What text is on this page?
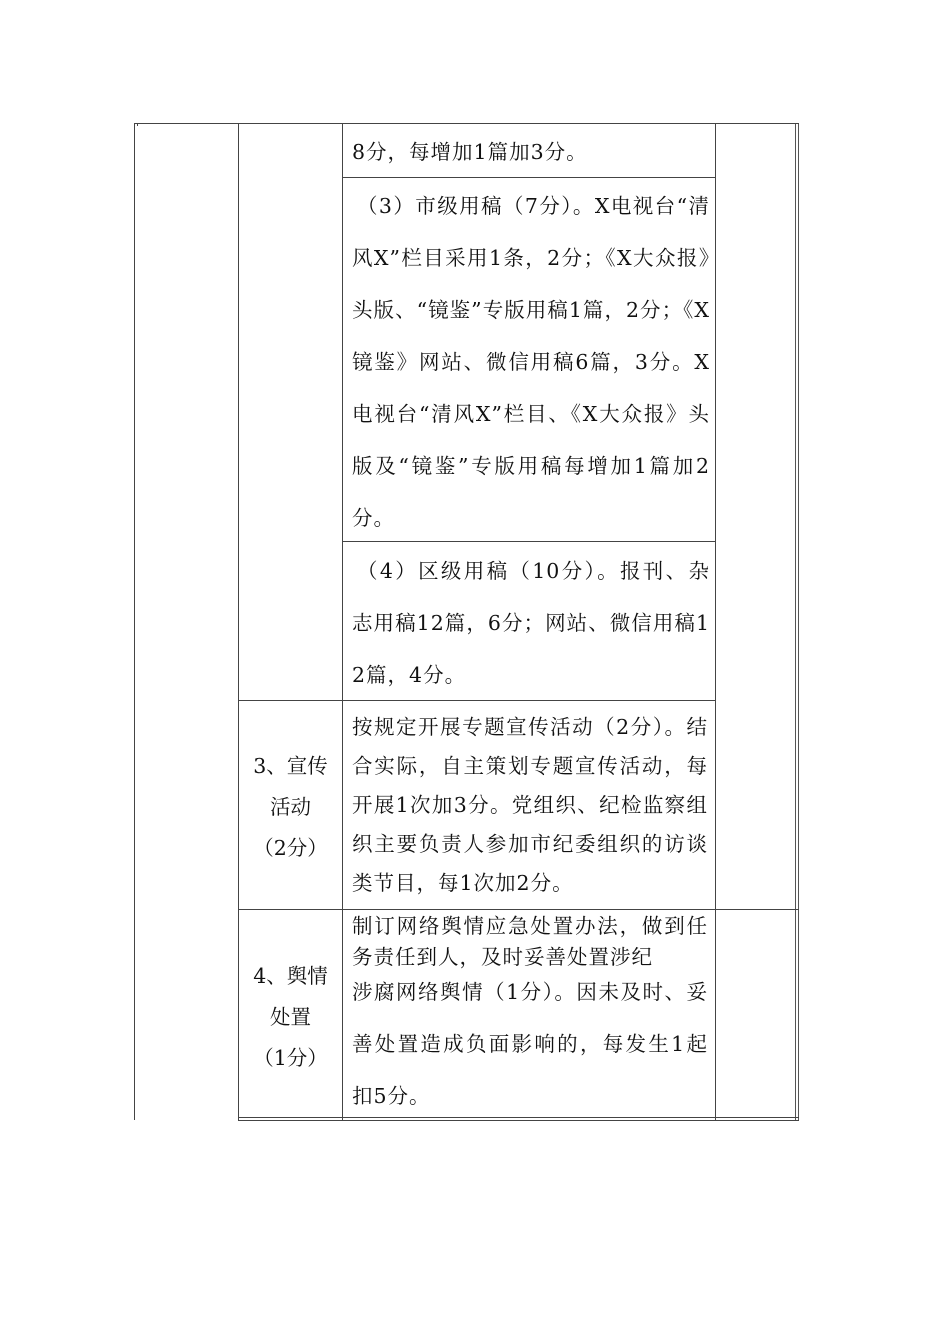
8分，每增加1篇加3分。
（3）市级用稿（7分）。X电视台“清风X”栏目采用1条，2分；《X大众报》头版、“镜鉴”专版用稿1篇，2分；《X镜鉴》网站、微信用稿6篇，3分。X电视台“清风X”栏目、《X大众报》头版及“镜鉴”专版用稿每增加1篇加2分。
（4）区级用稿（10分）。报刊、杂志用稿12篇，6分；网站、微信用稿12篇，4分。
3、宣传
活动
（2分）
按规定开展专题宣传活动（2分）。结合实际，自主策划专题宣传活动，每开展1次加3分。党组织、纪检监察组织主要负责人参加市纪委组织的访谈类节目，每1次加2分。
4、舆情
处置
（1分）
制订网络舆情应急处置办法，做到任务责任到人，及时妥善处置涉纪
涉腐网络舆情（1分）。因未及时、妥善处置造成负面影响的，每发生1起扣5分。
